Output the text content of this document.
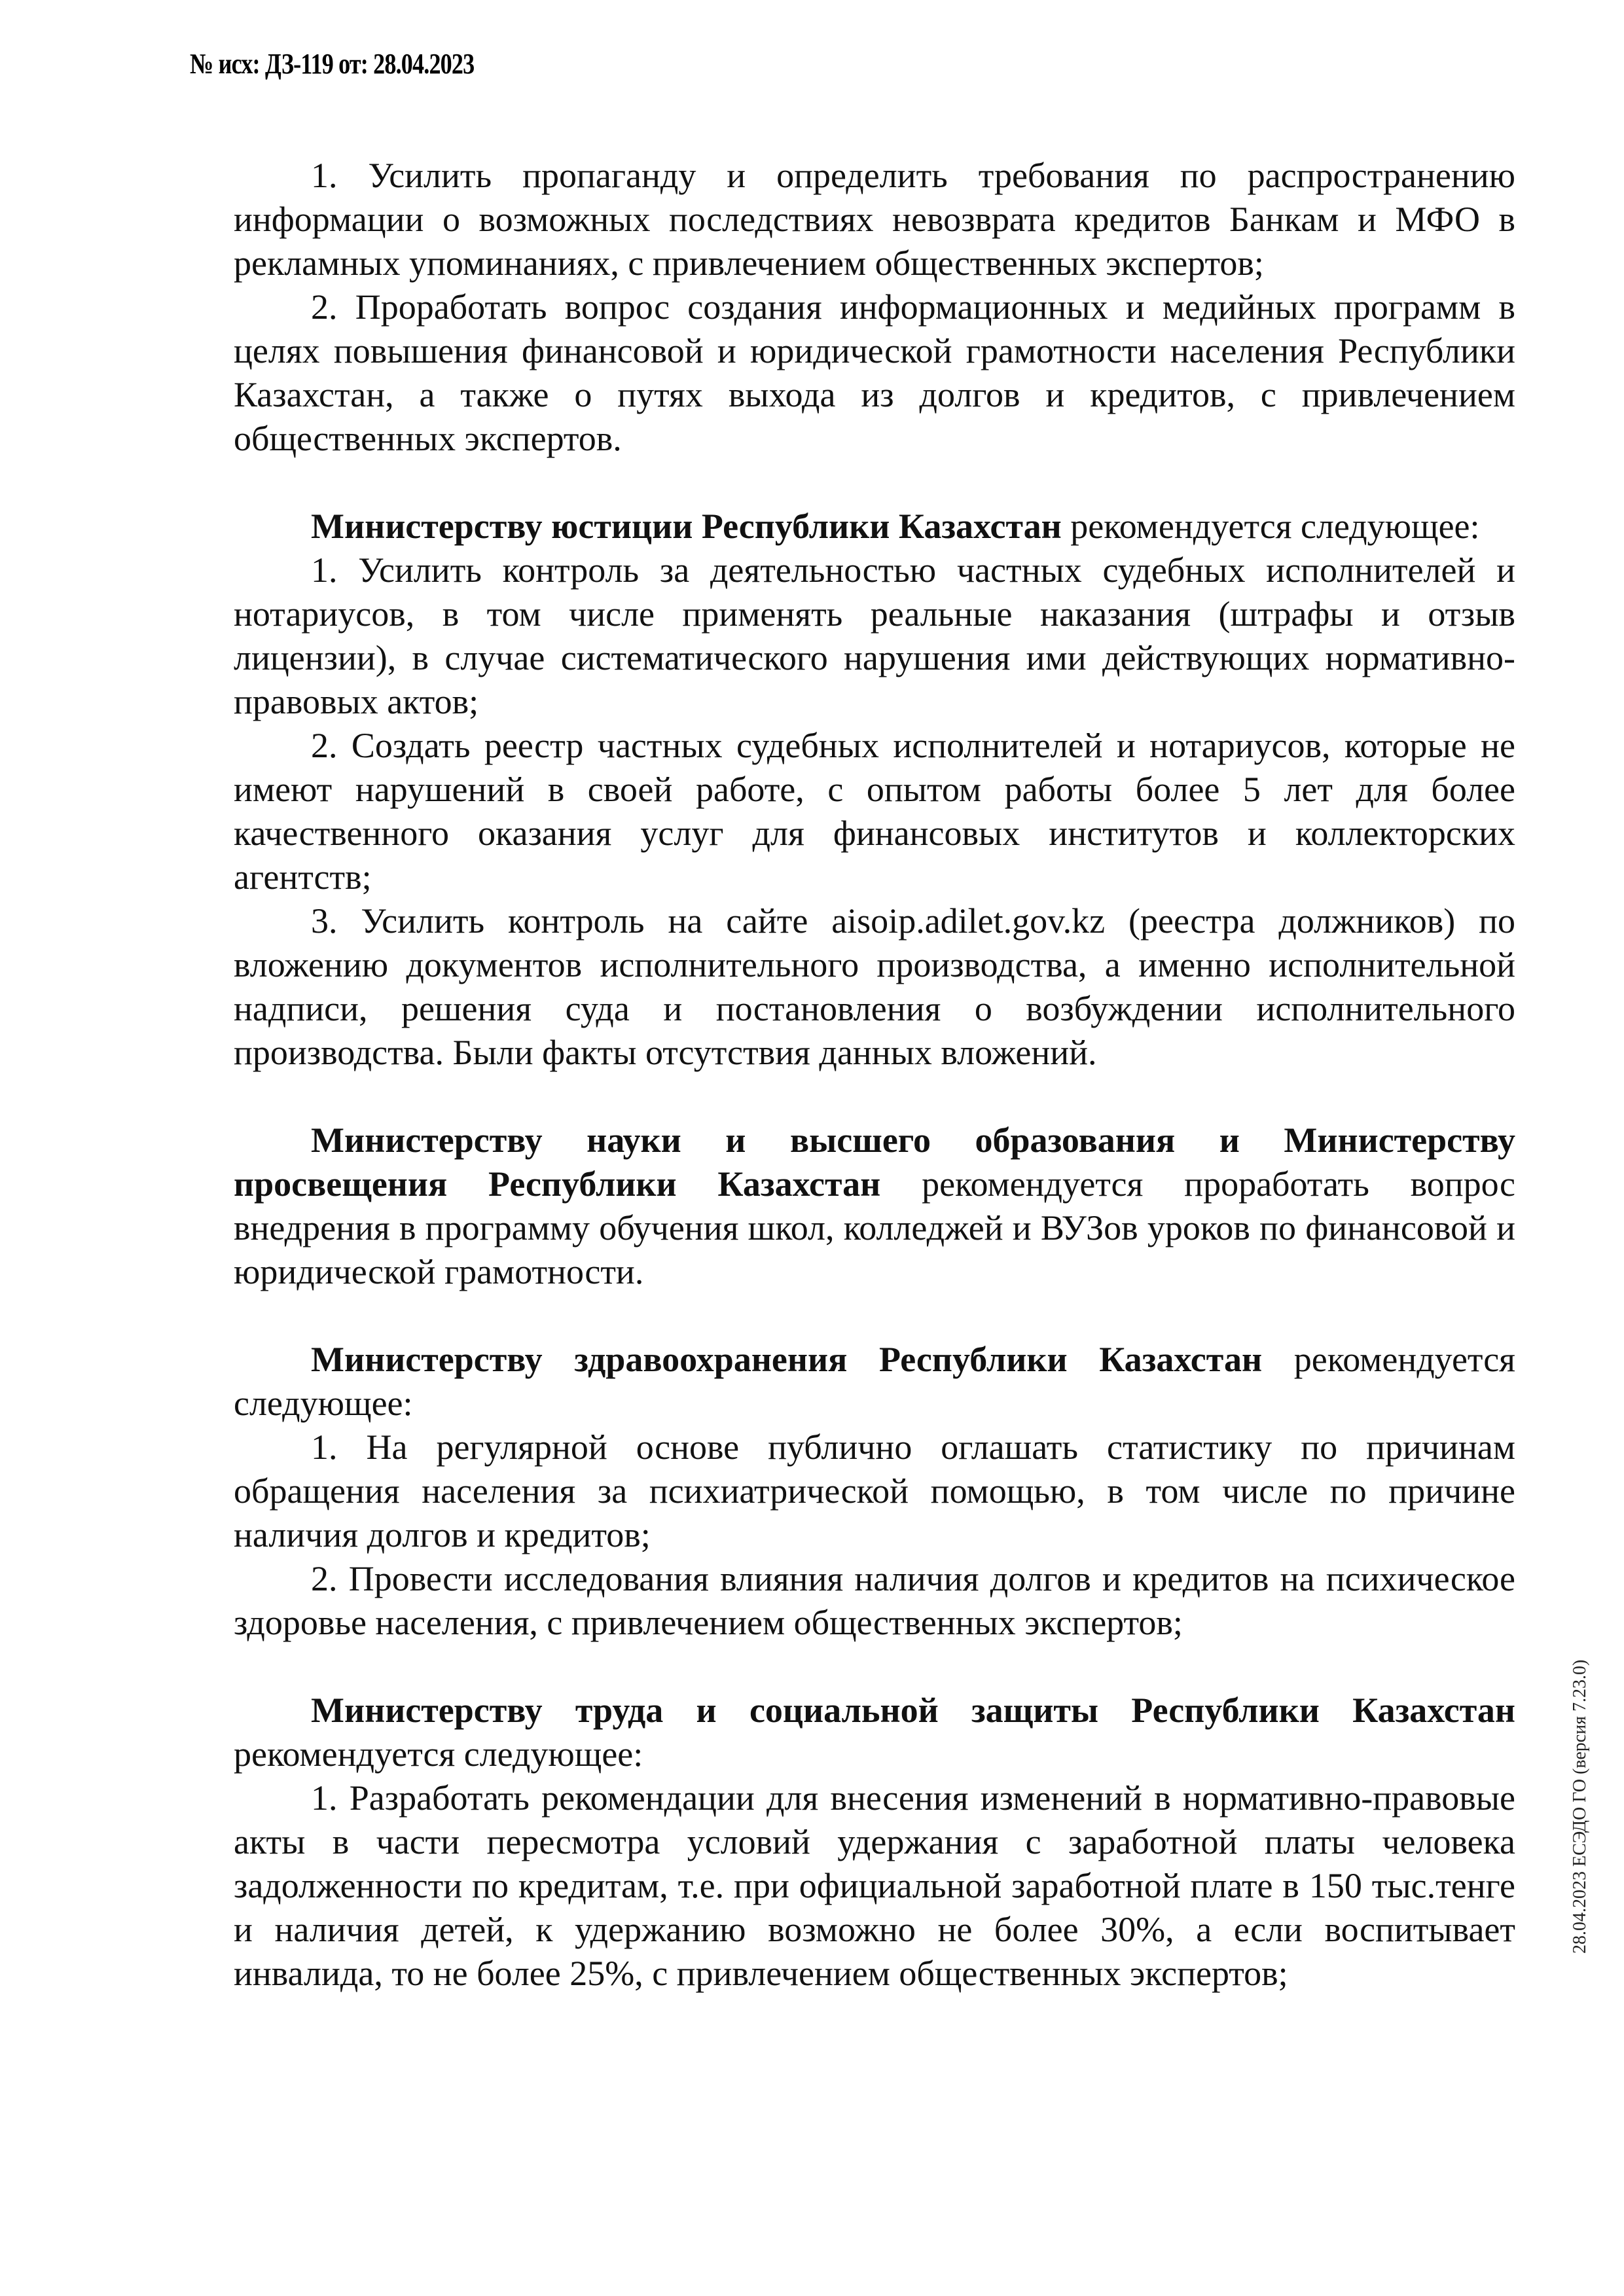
№ исх: ДЗ-119 от: 28.04.2023

1. Усилить пропаганду и определить требования по распространению информации о возможных последствиях невозврата кредитов Банкам и МФО в рекламных упоминаниях, с привлечением общественных экспертов;

2. Проработать вопрос создания информационных и медийных программ в целях повышения финансовой и юридической грамотности населения Республики Казахстан, а также о путях выхода из долгов и кредитов, с привлечением общественных экспертов.

Министерству юстиции Республики Казахстан рекомендуется следующее:

1. Усилить контроль за деятельностью частных судебных исполнителей и нотариусов, в том числе применять реальные наказания (штрафы и отзыв лицензии), в случае систематического нарушения ими действующих нормативно-правовых актов;

2. Создать реестр частных судебных исполнителей и нотариусов, которые не имеют нарушений в своей работе, с опытом работы более 5 лет для более качественного оказания услуг для финансовых институтов и коллекторских агентств;

3. Усилить контроль на сайте aisoip.adilet.gov.kz (реестра должников) по вложению документов исполнительного производства, а именно исполнительной надписи, решения суда и постановления о возбуждении исполнительного производства. Были факты отсутствия данных вложений.

Министерству науки и высшего образования и Министерству просвещения Республики Казахстан рекомендуется проработать вопрос внедрения в программу обучения школ, колледжей и ВУЗов уроков по финансовой и юридической грамотности.

Министерству здравоохранения Республики Казахстан рекомендуется следующее:

1. На регулярной основе публично оглашать статистику по причинам обращения населения за психиатрической помощью, в том числе по причине наличия долгов и кредитов;

2. Провести исследования влияния наличия долгов и кредитов на психическое здоровье населения, с привлечением общественных экспертов;

Министерству труда и социальной защиты Республики Казахстан рекомендуется следующее:

1. Разработать рекомендации для внесения изменений в нормативно-правовые акты в части пересмотра условий удержания с заработной платы человека задолженности по кредитам, т.е. при официальной заработной плате в 150 тыс.тенге и наличия детей, к удержанию возможно не более 30%, а если воспитывает инвалида, то не более 25%, с привлечением общественных экспертов;

28.04.2023 ЕСЭДО ГО (версия 7.23.0)
